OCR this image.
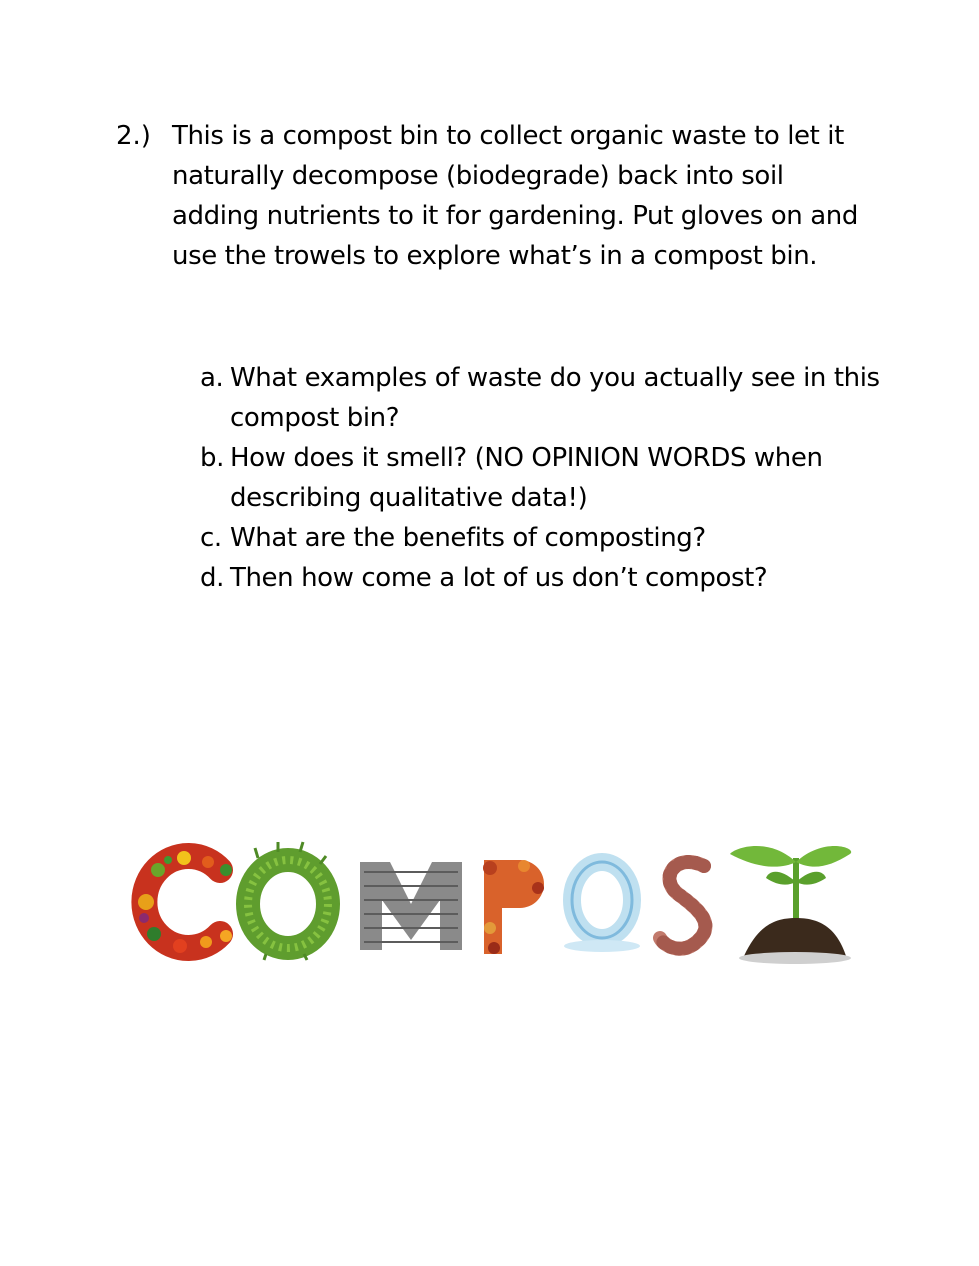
2.) This is a compost bin to collect organic waste to let it naturally decompose (biodegrade) back into soil adding nutrients to it for gardening. Put gloves on and use the trowels to explore what’s in a compost bin.
a. What examples of waste do you actually see in this compost bin?
b. How does it smell? (NO OPINION WORDS when describing qualitative data!)
c. What are the benefits of composting?
d. Then how come a lot of us don’t compost?
